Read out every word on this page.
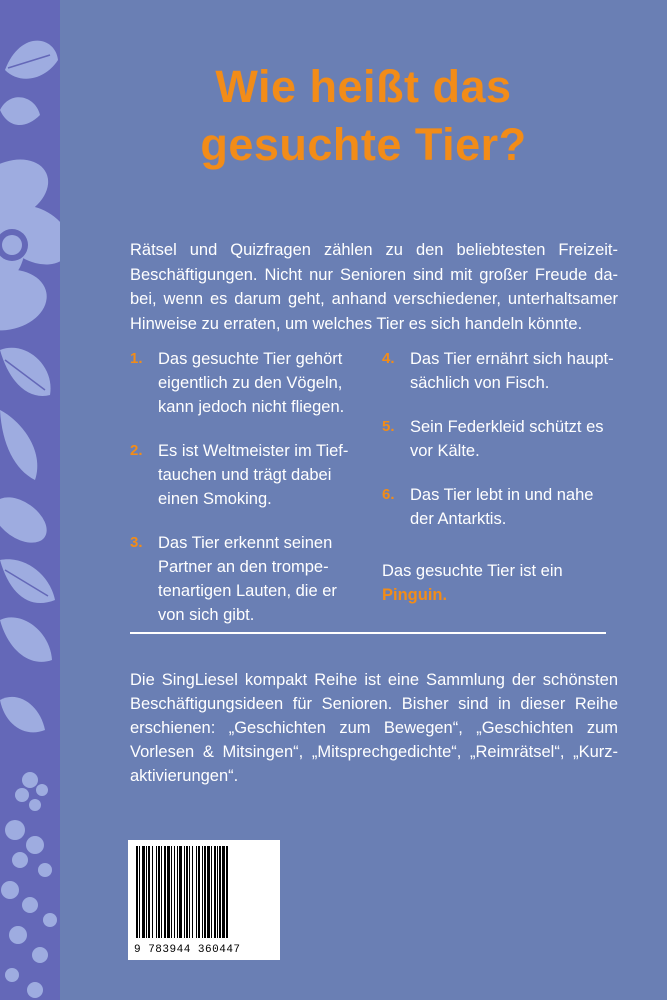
Wie heißt das
gesuchte Tier?
Rätsel und Quizfragen zählen zu den beliebtesten Freizeit-
Beschäftigungen. Nicht nur Senioren sind mit großer Freude da-
bei, wenn es darum geht, anhand verschiedener, unterhaltsamer
Hinweise zu erraten, um welches Tier es sich handeln könnte.
1. Das gesuchte Tier gehört
eigentlich zu den Vögeln,
kann jedoch nicht fliegen.
2. Es ist Weltmeister im Tief-
tauchen und trägt dabei
einen Smoking.
3. Das Tier erkennt seinen
Partner an den trompe-
tenartigen Lauten, die er
von sich gibt.
4. Das Tier ernährt sich haupt-
sächlich von Fisch.
5. Sein Federkleid schützt es
vor Kälte.
6. Das Tier lebt in und nahe
der Antarktis.
Das gesuchte Tier ist ein
Pinguin.
Die SingLiesel kompakt Reihe ist eine Sammlung der schönsten
Beschäftigungsideen für Senioren. Bisher sind in dieser Reihe
erschienen: „Geschichten zum Bewegen“, „Geschichten zum
Vorlesen & Mitsingen“, „Mitsprechgedichte“, „Reimrätsel“, „Kurz-
aktivierungen“.
9 783944 360447
